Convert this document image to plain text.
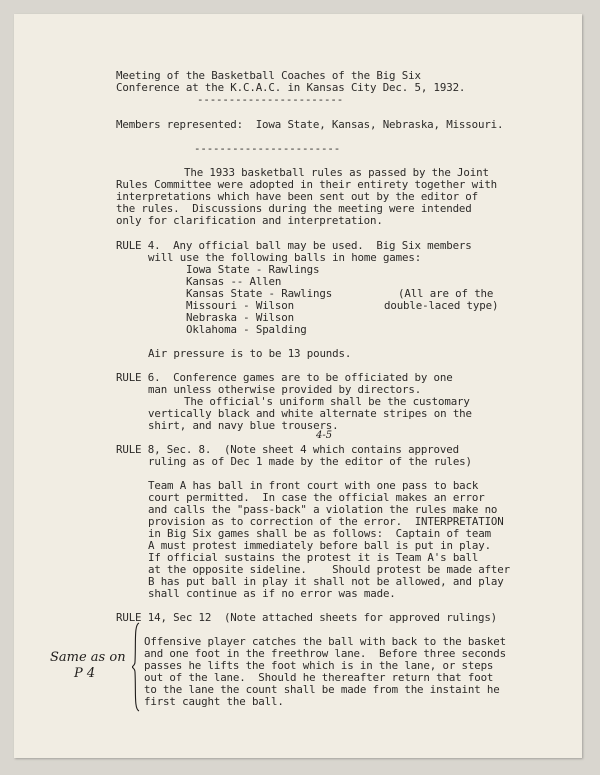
Meeting of the Basketball Coaches of the Big Six
Conference at the K.C.A.C. in Kansas City Dec. 5, 1932.
-----------------------
Members represented:  Iowa State, Kansas, Nebraska, Missouri.
-----------------------
The 1933 basketball rules as passed by the Joint
Rules Committee were adopted in their entirety together with
interpretations which have been sent out by the editor of
the rules.  Discussions during the meeting were intended
only for clarification and interpretation.
RULE 4.  Any official ball may be used.  Big Six members
will use the following balls in home games:
Iowa State - Rawlings
Kansas -- Allen
Kansas State - Rawlings
Missouri - Wilson
Nebraska - Wilson
Oklahoma - Spalding
(All are of the
double-laced type)
Air pressure is to be 13 pounds.
RULE 6.  Conference games are to be officiated by one
man unless otherwise provided by directors.
The official's uniform shall be the customary
vertically black and white alternate stripes on the
shirt, and navy blue trousers.
4-5
RULE 8, Sec. 8.  (Note sheet 4 which contains approved
ruling as of Dec 1 made by the editor of the rules)
Team A has ball in front court with one pass to back
court permitted.  In case the official makes an error
and calls the "pass-back" a violation the rules make no
provision as to correction of the error.  INTERPRETATION
in Big Six games shall be as follows:  Captain of team
A must protest immediately before ball is put in play.
If official sustains the protest it is Team A's ball
at the opposite sideline.    Should protest be made after
B has put ball in play it shall not be allowed, and play
shall continue as if no error was made.
RULE 14, Sec 12  (Note attached sheets for approved rulings)
Offensive player catches the ball with back to the basket
and one foot in the freethrow lane.  Before three seconds
passes he lifts the foot which is in the lane, or steps
out of the lane.  Should he thereafter return that foot
to the lane the count shall be made from the instaint he
first caught the ball.
Same as on
P 4
